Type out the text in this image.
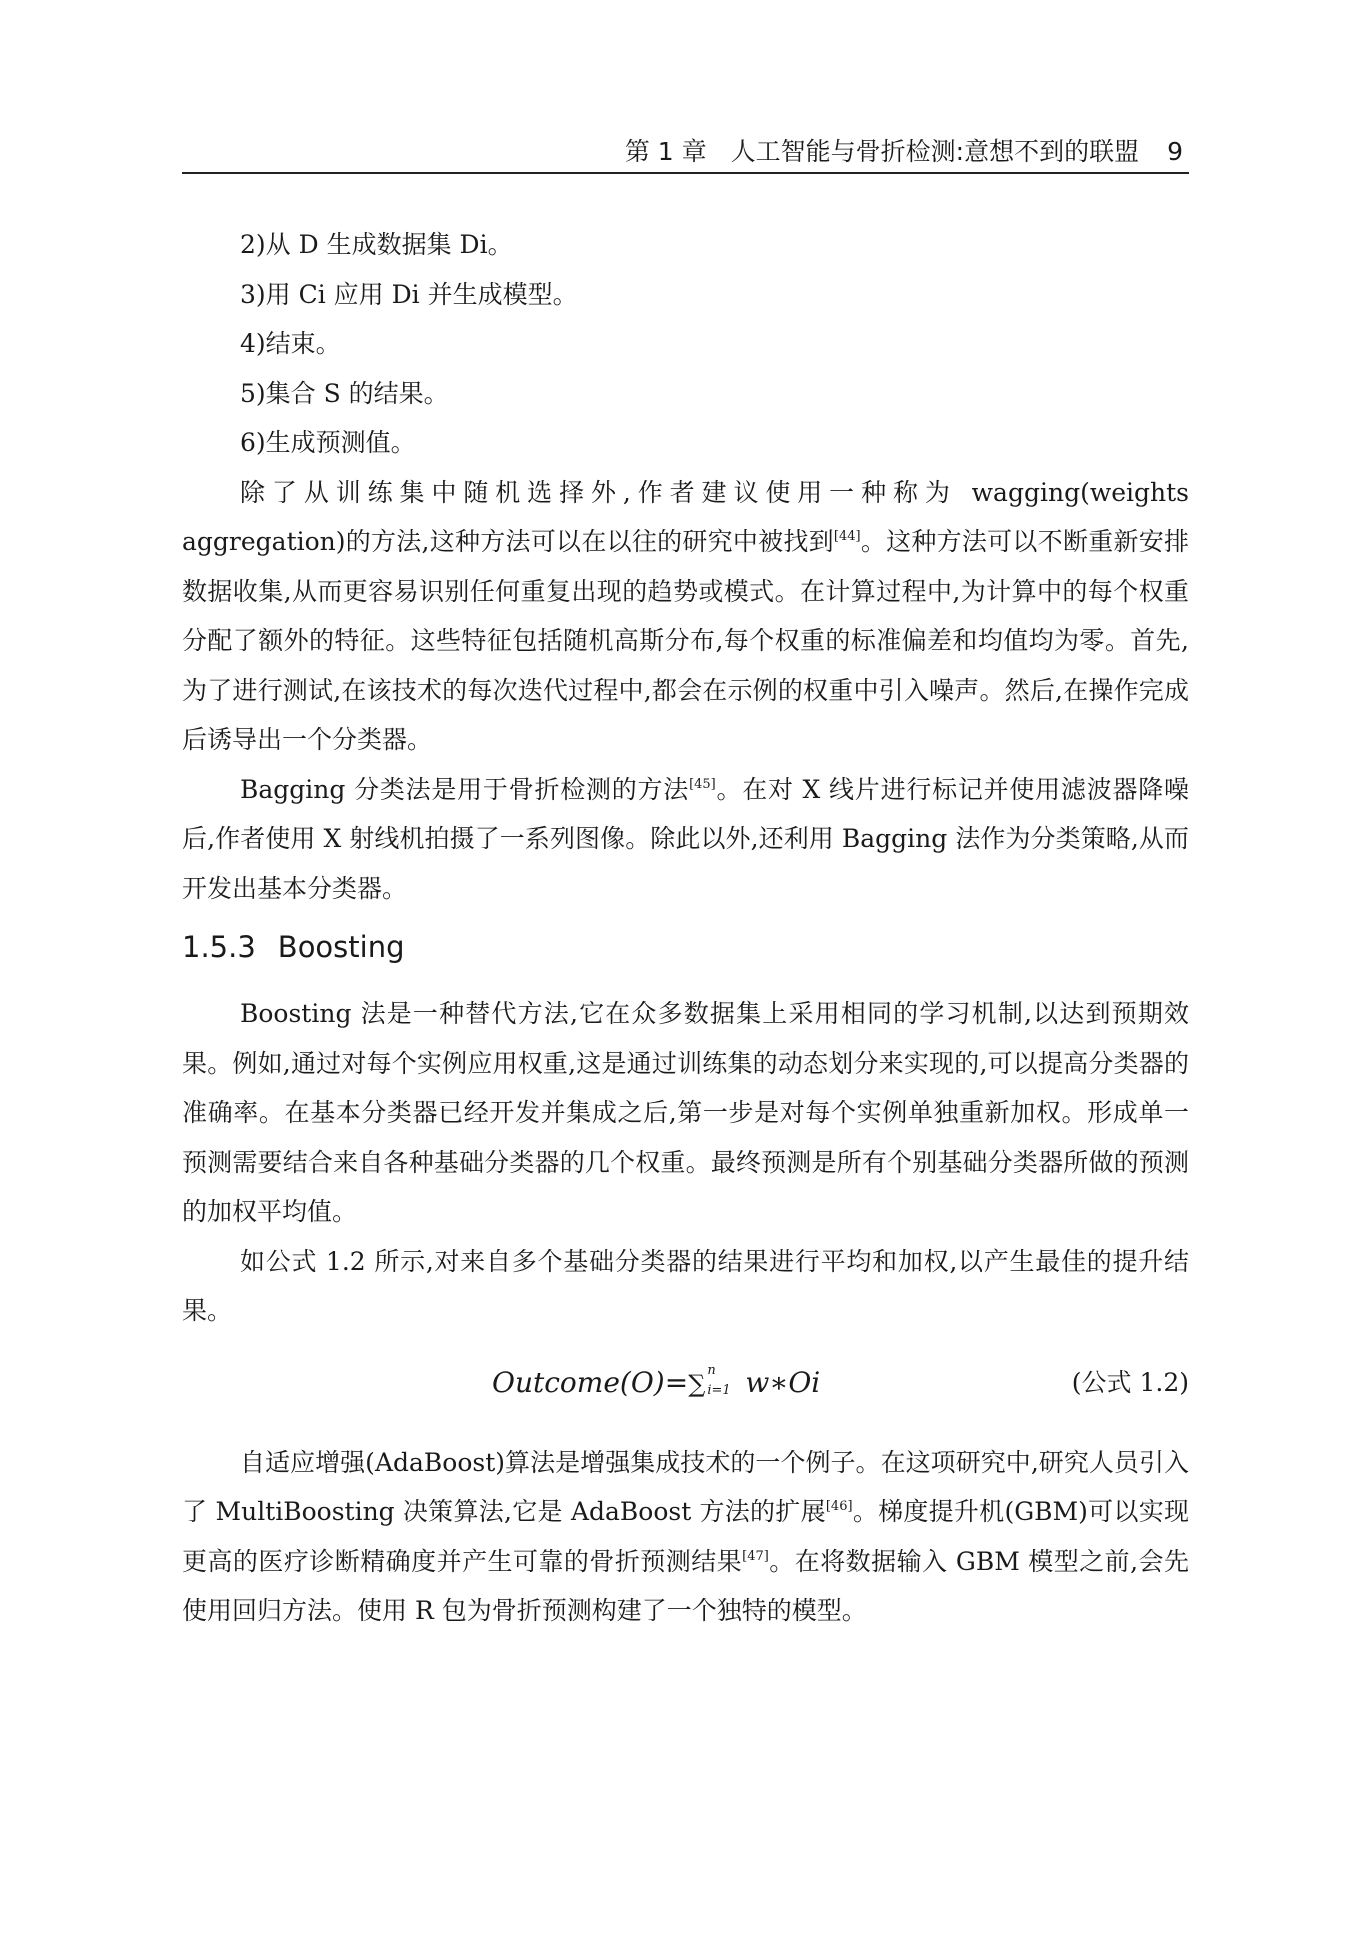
第 1 章 人工智能与骨折检测:意想不到的联盟 9

2)从 D 生成数据集 Di。

3)用 Ci 应用 Di 并生成模型。

4)结束。

5)集合 S 的结果。

6)生成预测值。

除了从训练集中随机选择外,作者建议使用一种称为 wagging(weights aggregation)的方法,这种方法可以在以往的研究中被找到[44]。这种方法可以不断重新安排数据收集,从而更容易识别任何重复出现的趋势或模式。在计算过程中,为计算中的每个权重分配了额外的特征。这些特征包括随机高斯分布,每个权重的标准偏差和均值均为零。首先,为了进行测试,在该技术的每次迭代过程中,都会在示例的权重中引入噪声。然后,在操作完成后诱导出一个分类器。

Bagging 分类法是用于骨折检测的方法[45]。在对 X 线片进行标记并使用滤波器降噪后,作者使用 X 射线机拍摄了一系列图像。除此以外,还利用 Bagging 法作为分类策略,从而开发出基本分类器。

1.5.3 Boosting

Boosting 法是一种替代方法,它在众多数据集上采用相同的学习机制,以达到预期效果。例如,通过对每个实例应用权重,这是通过训练集的动态划分来实现的,可以提高分类器的准确率。在基本分类器已经开发并集成之后,第一步是对每个实例单独重新加权。形成单一预测需要结合来自各种基础分类器的几个权重。最终预测是所有个别基础分类器所做的预测的加权平均值。

如公式 1.2 所示,对来自多个基础分类器的结果进行平均和加权,以产生最佳的提升结果。

Outcome(O)=∑ n
i=1 w∗Oi	(公式 1.2)

自适应增强(AdaBoost)算法是增强集成技术的一个例子。在这项研究中,研究人员引入了 MultiBoosting 决策算法,它是 AdaBoost 方法的扩展[46]。梯度提升机(GBM)可以实现更高的医疗诊断精确度并产生可靠的骨折预测结果[47]。在将数据输入 GBM 模型之前,会先使用回归方法。使用 R 包为骨折预测构建了一个独特的模型。
